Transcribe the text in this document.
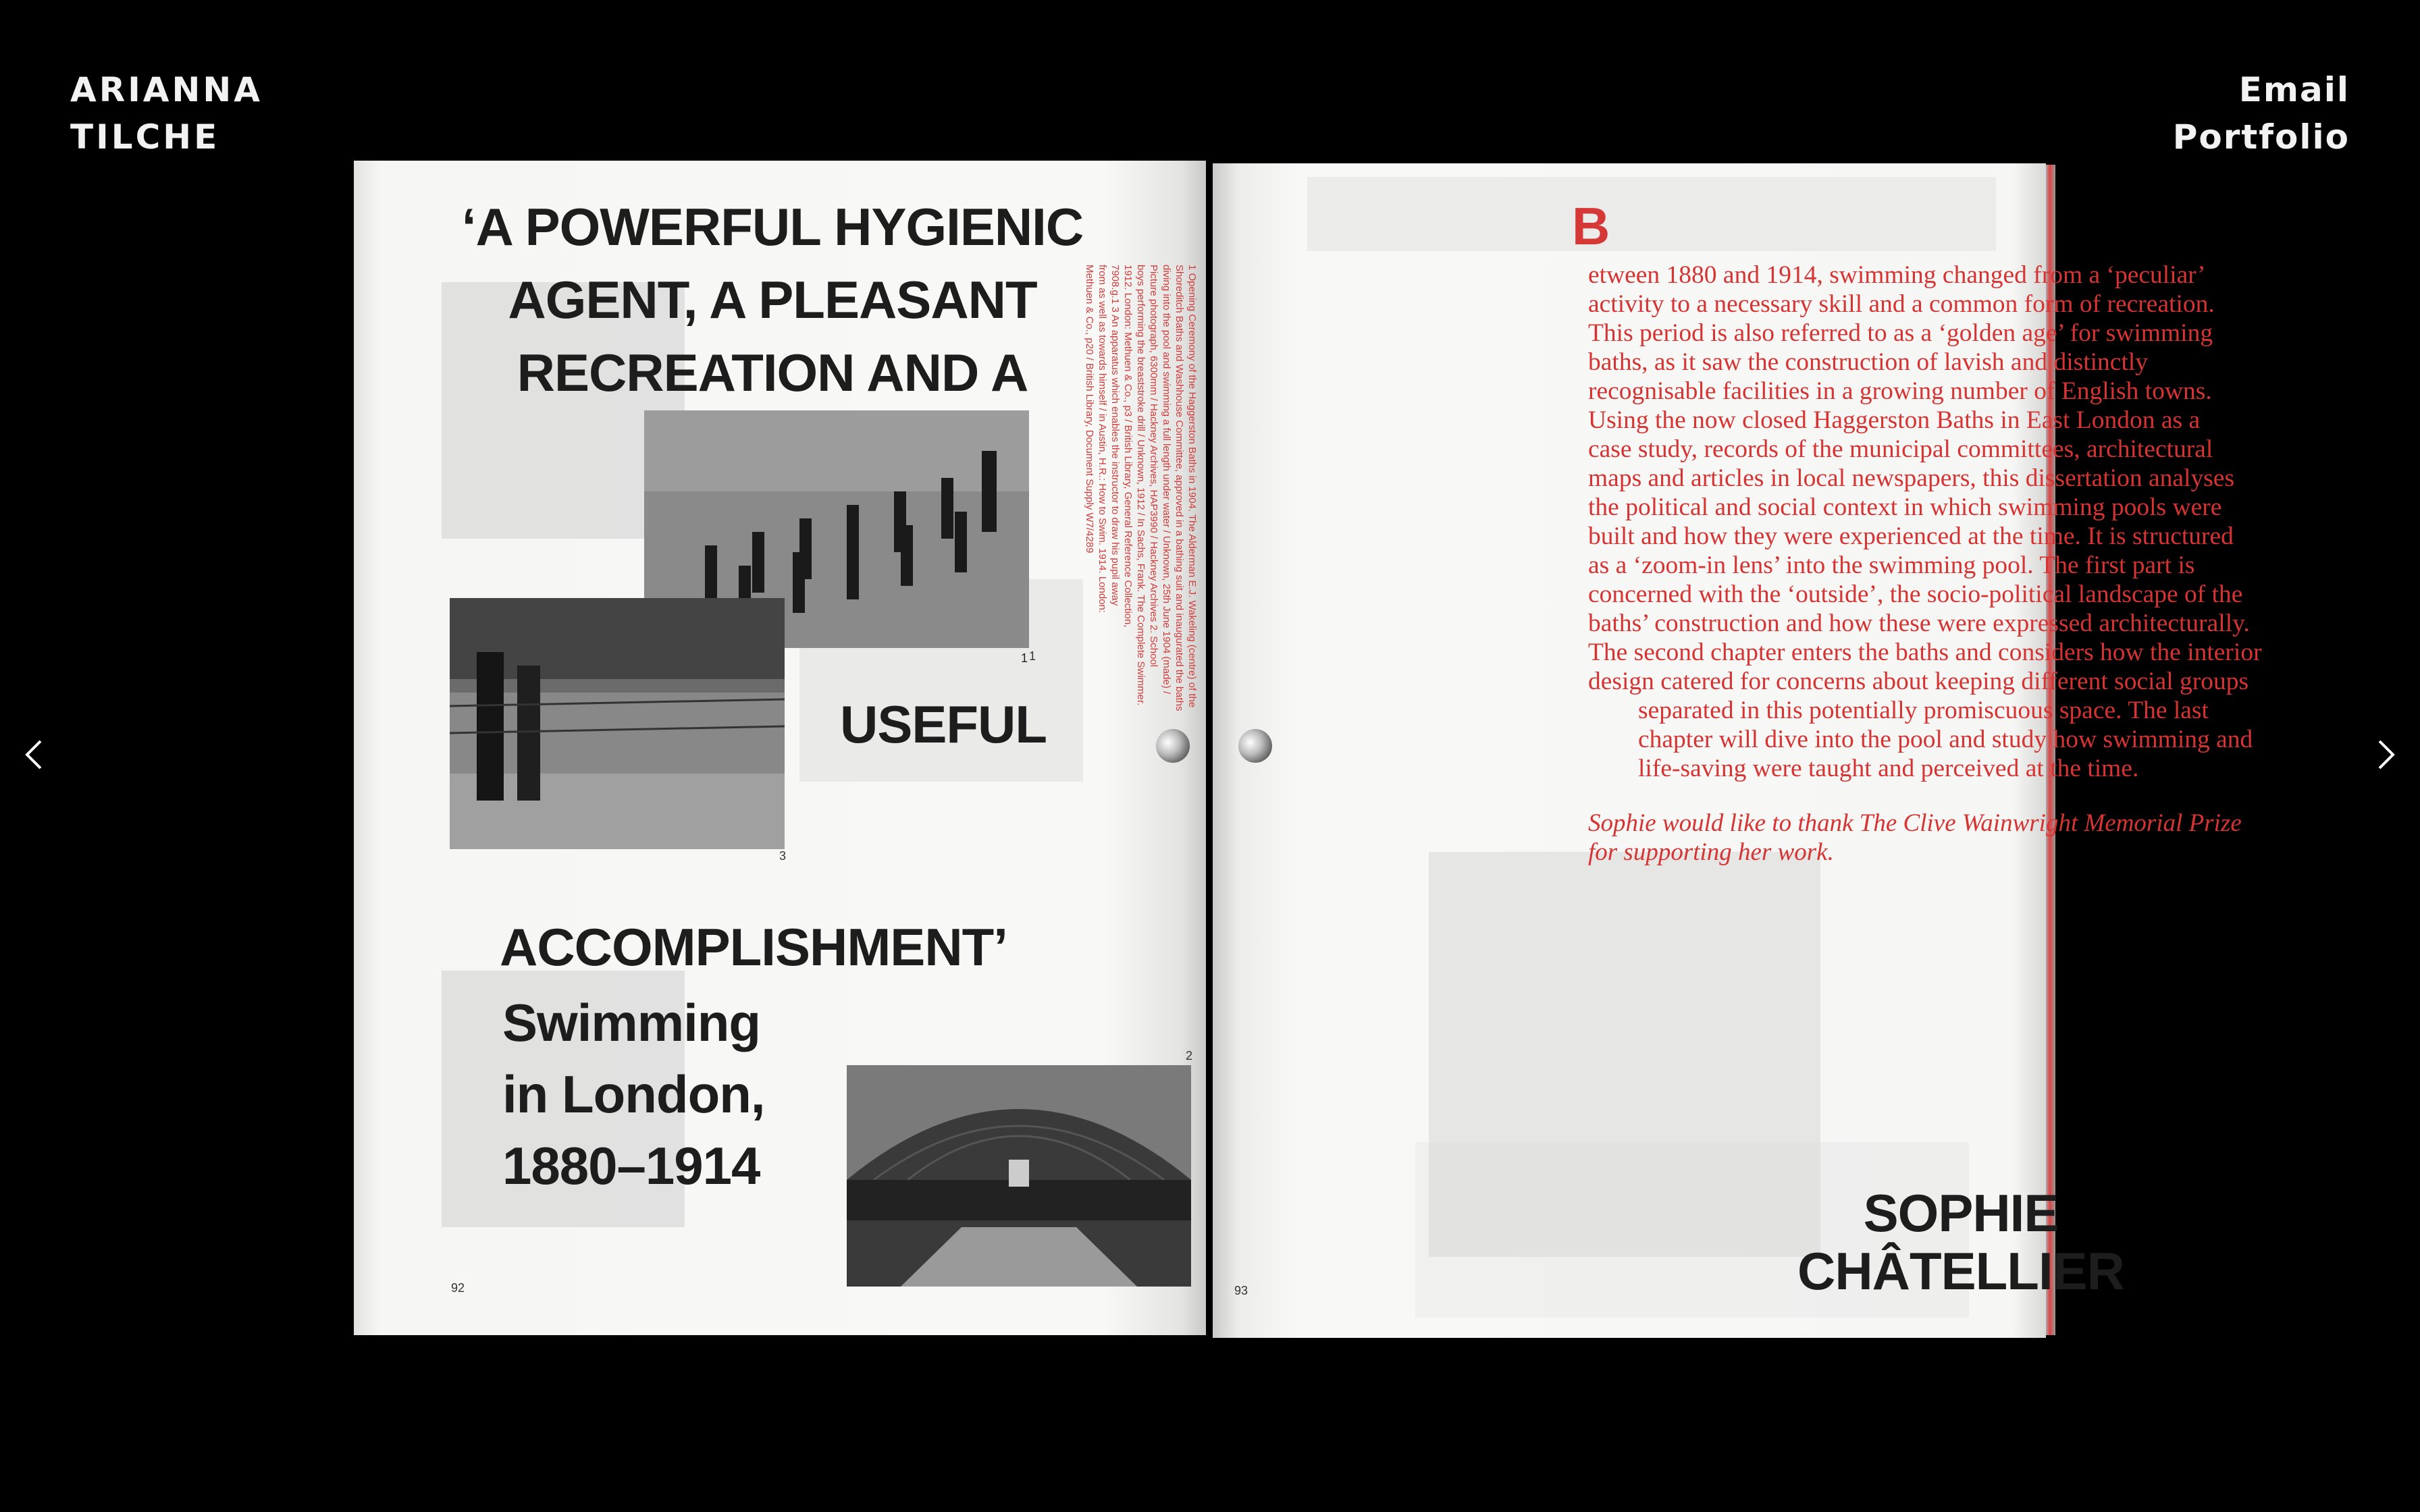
ARIANNA
TILCHE
Email
Portfolio
‘A POWERFUL HYGIENIC
AGENT, A PLEASANT
RECREATION AND A
1 1
3
USEFUL
ACCOMPLISHMENT’
Swimming
in London,
1880–1914
2
1 Opening Ceremony of the Haggerston Baths in 1904. The Alderman E.J. Wakeling (centre) of the
Shoreditch Baths and Washhouse Committee, approved in a bathing suit and inaugurated the baths
diving into the pool and swimming a full length under water / Unknown, 25th June 1904 (made) /
Picture photograph, 6300mm / Hackney Archives, HAP3990 / Hackney Archives 2. School
boys performing the breaststroke drill / Unknown, 1912 / In Sachs, Frank. The Complete Swimmer.
1912. London: Methuen & Co., p3 / British Library, General Reference Collection,
7908.g.1 3 An apparatus which enables the instructor to draw his pupil away
from as well as towards himself / in Austin, H.R.: How to Swim. 1914. London:
Methuen & Co., p20 / British Library, Document Supply W7/4289
92
B

etween 1880 and 1914, swimming changed from a ‘peculiar’

activity to a necessary skill and a common form of recreation.

This period is also referred to as a ‘golden age’ for swimming

baths, as it saw the construction of lavish and distinctly

recognisable facilities in a growing number of English towns.

Using the now closed Haggerston Baths in East London as a

case study, records of the municipal committees, architectural

maps and articles in local newspapers, this dissertation analyses

the political and social context in which swimming pools were

built and how they were experienced at the time. It is structured

as a ‘zoom-in lens’ into the swimming pool. The first part is

concerned with the ‘outside’, the socio-political landscape of the

baths’ construction and how these were expressed architecturally.

The second chapter enters the baths and considers how the interior

design catered for concerns about keeping different social groups

separated in this potentially promiscuous space. The last

chapter will dive into the pool and study how swimming and

life-saving were taught and perceived at the time.

Sophie would like to thank The Clive Wainwright Memorial Prize
for supporting her work.
SOPHIE
CHÂTELLIER
93
